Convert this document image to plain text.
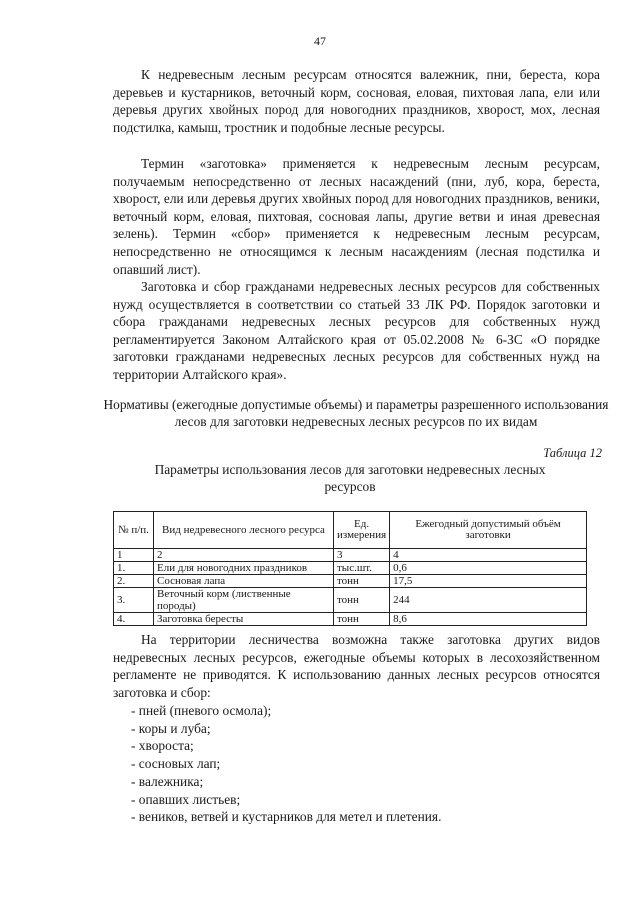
47

К недревесным лесным ресурсам относятся валежник, пни, береста, кора деревьев и кустарников, веточный корм, сосновая, еловая, пихтовая лапа, ели или деревья других хвойных пород для новогодних праздников, хворост, мох, лесная подстилка, камыш, тростник и подобные лесные ресурсы.

Термин «заготовка» применяется к недревесным лесным ресурсам, получаемым непосредственно от лесных насаждений (пни, луб, кора, береста, хворост, ели или деревья других хвойных пород для новогодних праздников, веники, веточный корм, еловая, пихтовая, сосновая лапы, другие ветви и иная древесная зелень). Термин «сбор» применяется к недревесным лесным ресурсам, непосредственно не относящимся к лесным насаждениям (лесная подстилка и опавший лист).

Заготовка и сбор гражданами недревесных лесных ресурсов для собственных нужд осуществляется в соответствии со статьей 33 ЛК РФ. Порядок заготовки и сбора гражданами недревесных лесных ресурсов для собственных нужд регламентируется Законом Алтайского края от 05.02.2008 № 6-ЗС «О порядке заготовки гражданами недревесных лесных ресурсов для собственных нужд на территории Алтайского края».

Нормативы (ежегодные допустимые объемы) и параметры разрешенного использования лесов для заготовки недревесных лесных ресурсов по их видам

Таблица 12

Параметры использования лесов для заготовки недревесных лесных ресурсов

№ п/п.	Вид недревесного лесного ресурса	Ед. измерения	Ежегодный допустимый объём заготовки
1	2	3	4
1.	Ели для новогодних праздников	тыс.шт.	0,6
2.	Сосновая лапа	тонн	17,5
3.	Веточный корм (лиственные породы)	тонн	244
4.	Заготовка бересты	тонн	8,6

На территории лесничества возможна также заготовка других видов недревесных лесных ресурсов, ежегодные объемы которых в лесохозяйственном регламенте не приводятся. К использованию данных лесных ресурсов относятся заготовка и сбор:

- пней (пневого осмола);
- коры и луба;
- хвороста;
- сосновых лап;
- валежника;
- опавших листьев;
- веников, ветвей и кустарников для метел и плетения.
